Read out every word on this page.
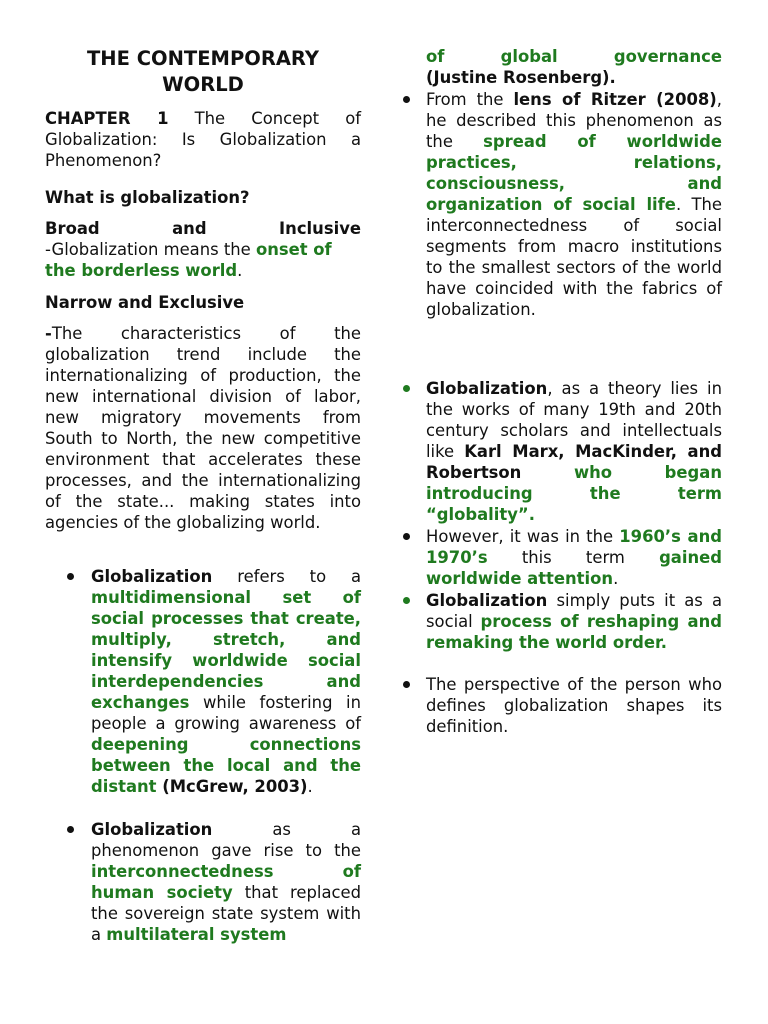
THE CONTEMPORARY WORLD

CHAPTER 1 The Concept of Globalization: Is Globalization a Phenomenon?

What is globalization?

Broad and Inclusive

-Globalization means the onset of the borderless world.

Narrow and Exclusive

-The characteristics of the globalization trend include the internationalizing of production, the new international division of labor, new migratory movements from South to North, the new competitive environment that accelerates these processes, and the internationalizing of the state... making states into agencies of the globalizing world.

Globalization refers to a multidimensional set of social processes that create, multiply, stretch, and intensify worldwide social interdependencies and exchanges while fostering in people a growing awareness of deepening connections between the local and the distant (McGrew, 2003).

Globalization as a phenomenon gave rise to the interconnectedness of human society that replaced the sovereign state system with a multilateral system

of global governance

(Justine Rosenberg).

From the lens of Ritzer (2008), he described this phenomenon as the spread of worldwide practices, relations, consciousness, and organization of social life. The interconnectedness of social segments from macro institutions to the smallest sectors of the world have coincided with the fabrics of globalization.

Globalization, as a theory lies in the works of many 19th and 20th century scholars and intellectuals like Karl Marx, MacKinder, and Robertson who began introducing the term “globality”.

However, it was in the 1960’s and 1970’s this term gained worldwide attention.

Globalization simply puts it as a social process of reshaping and remaking the world order.

The perspective of the person who defines globalization shapes its definition.
